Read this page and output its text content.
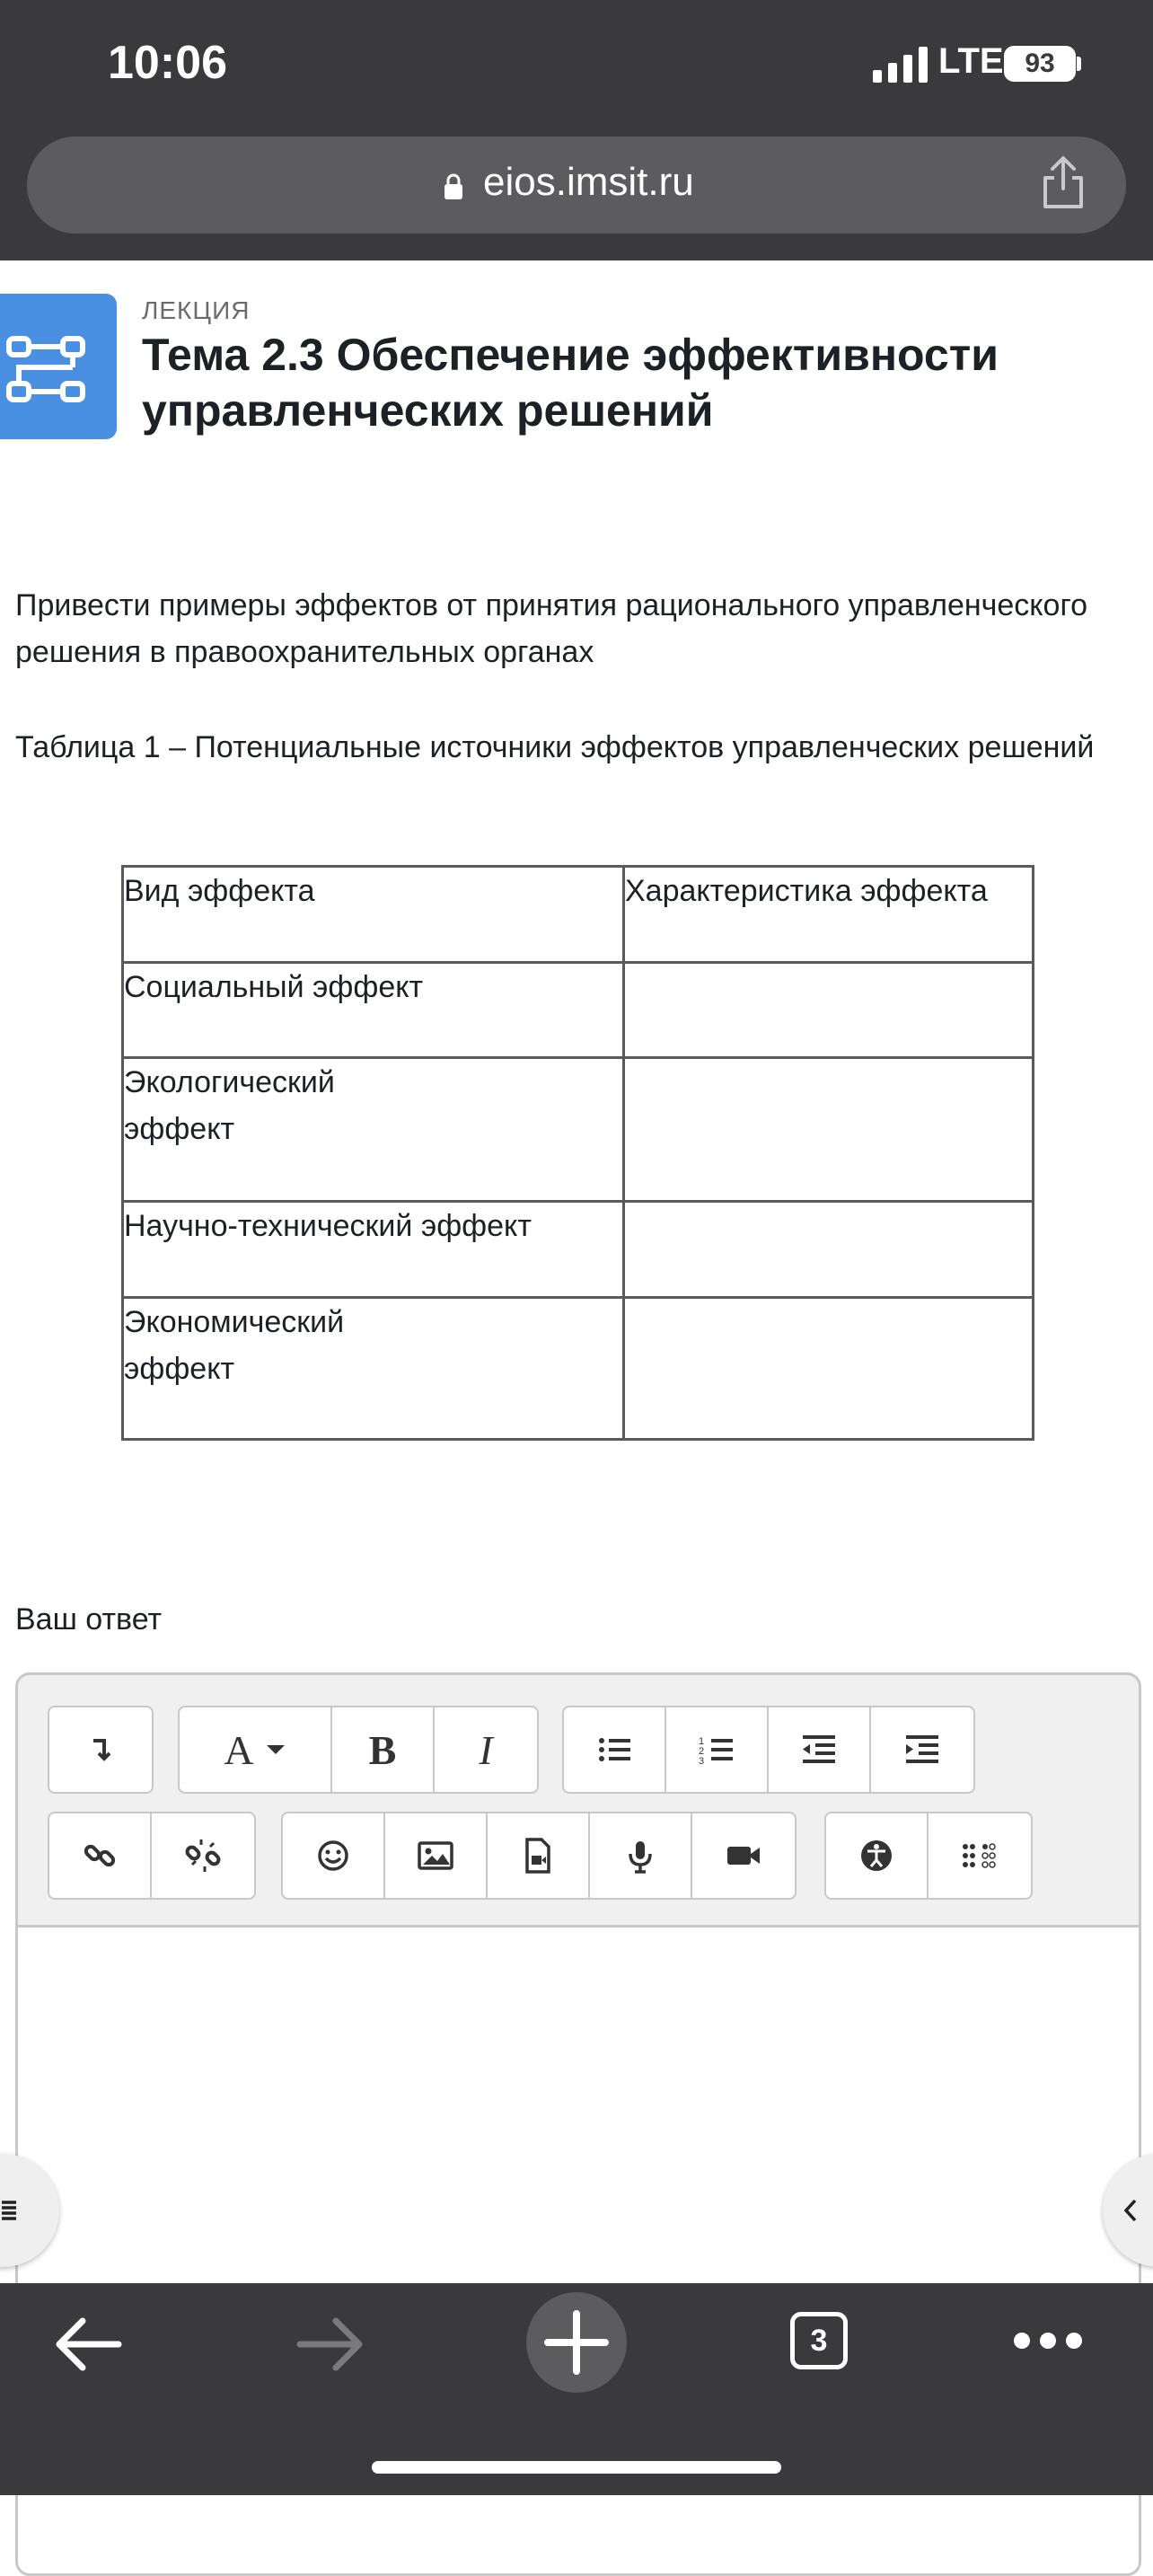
10:06	LTE 93
eios.imsit.ru
ЛЕКЦИЯ
Тема 2.3 Обеспечение эффективности управленческих решений
Привести примеры эффектов от принятия рационального управленческого решения в правоохранительных органах
Таблица 1 – Потенциальные источники эффектов управленческих решений
Вид эффекта	Характеристика эффекта
Социальный эффект	
Экологический
эффект	
Научно-технический эффект	
Экономический
эффект	
Ваш ответ
A	B I	1
2
3
3
